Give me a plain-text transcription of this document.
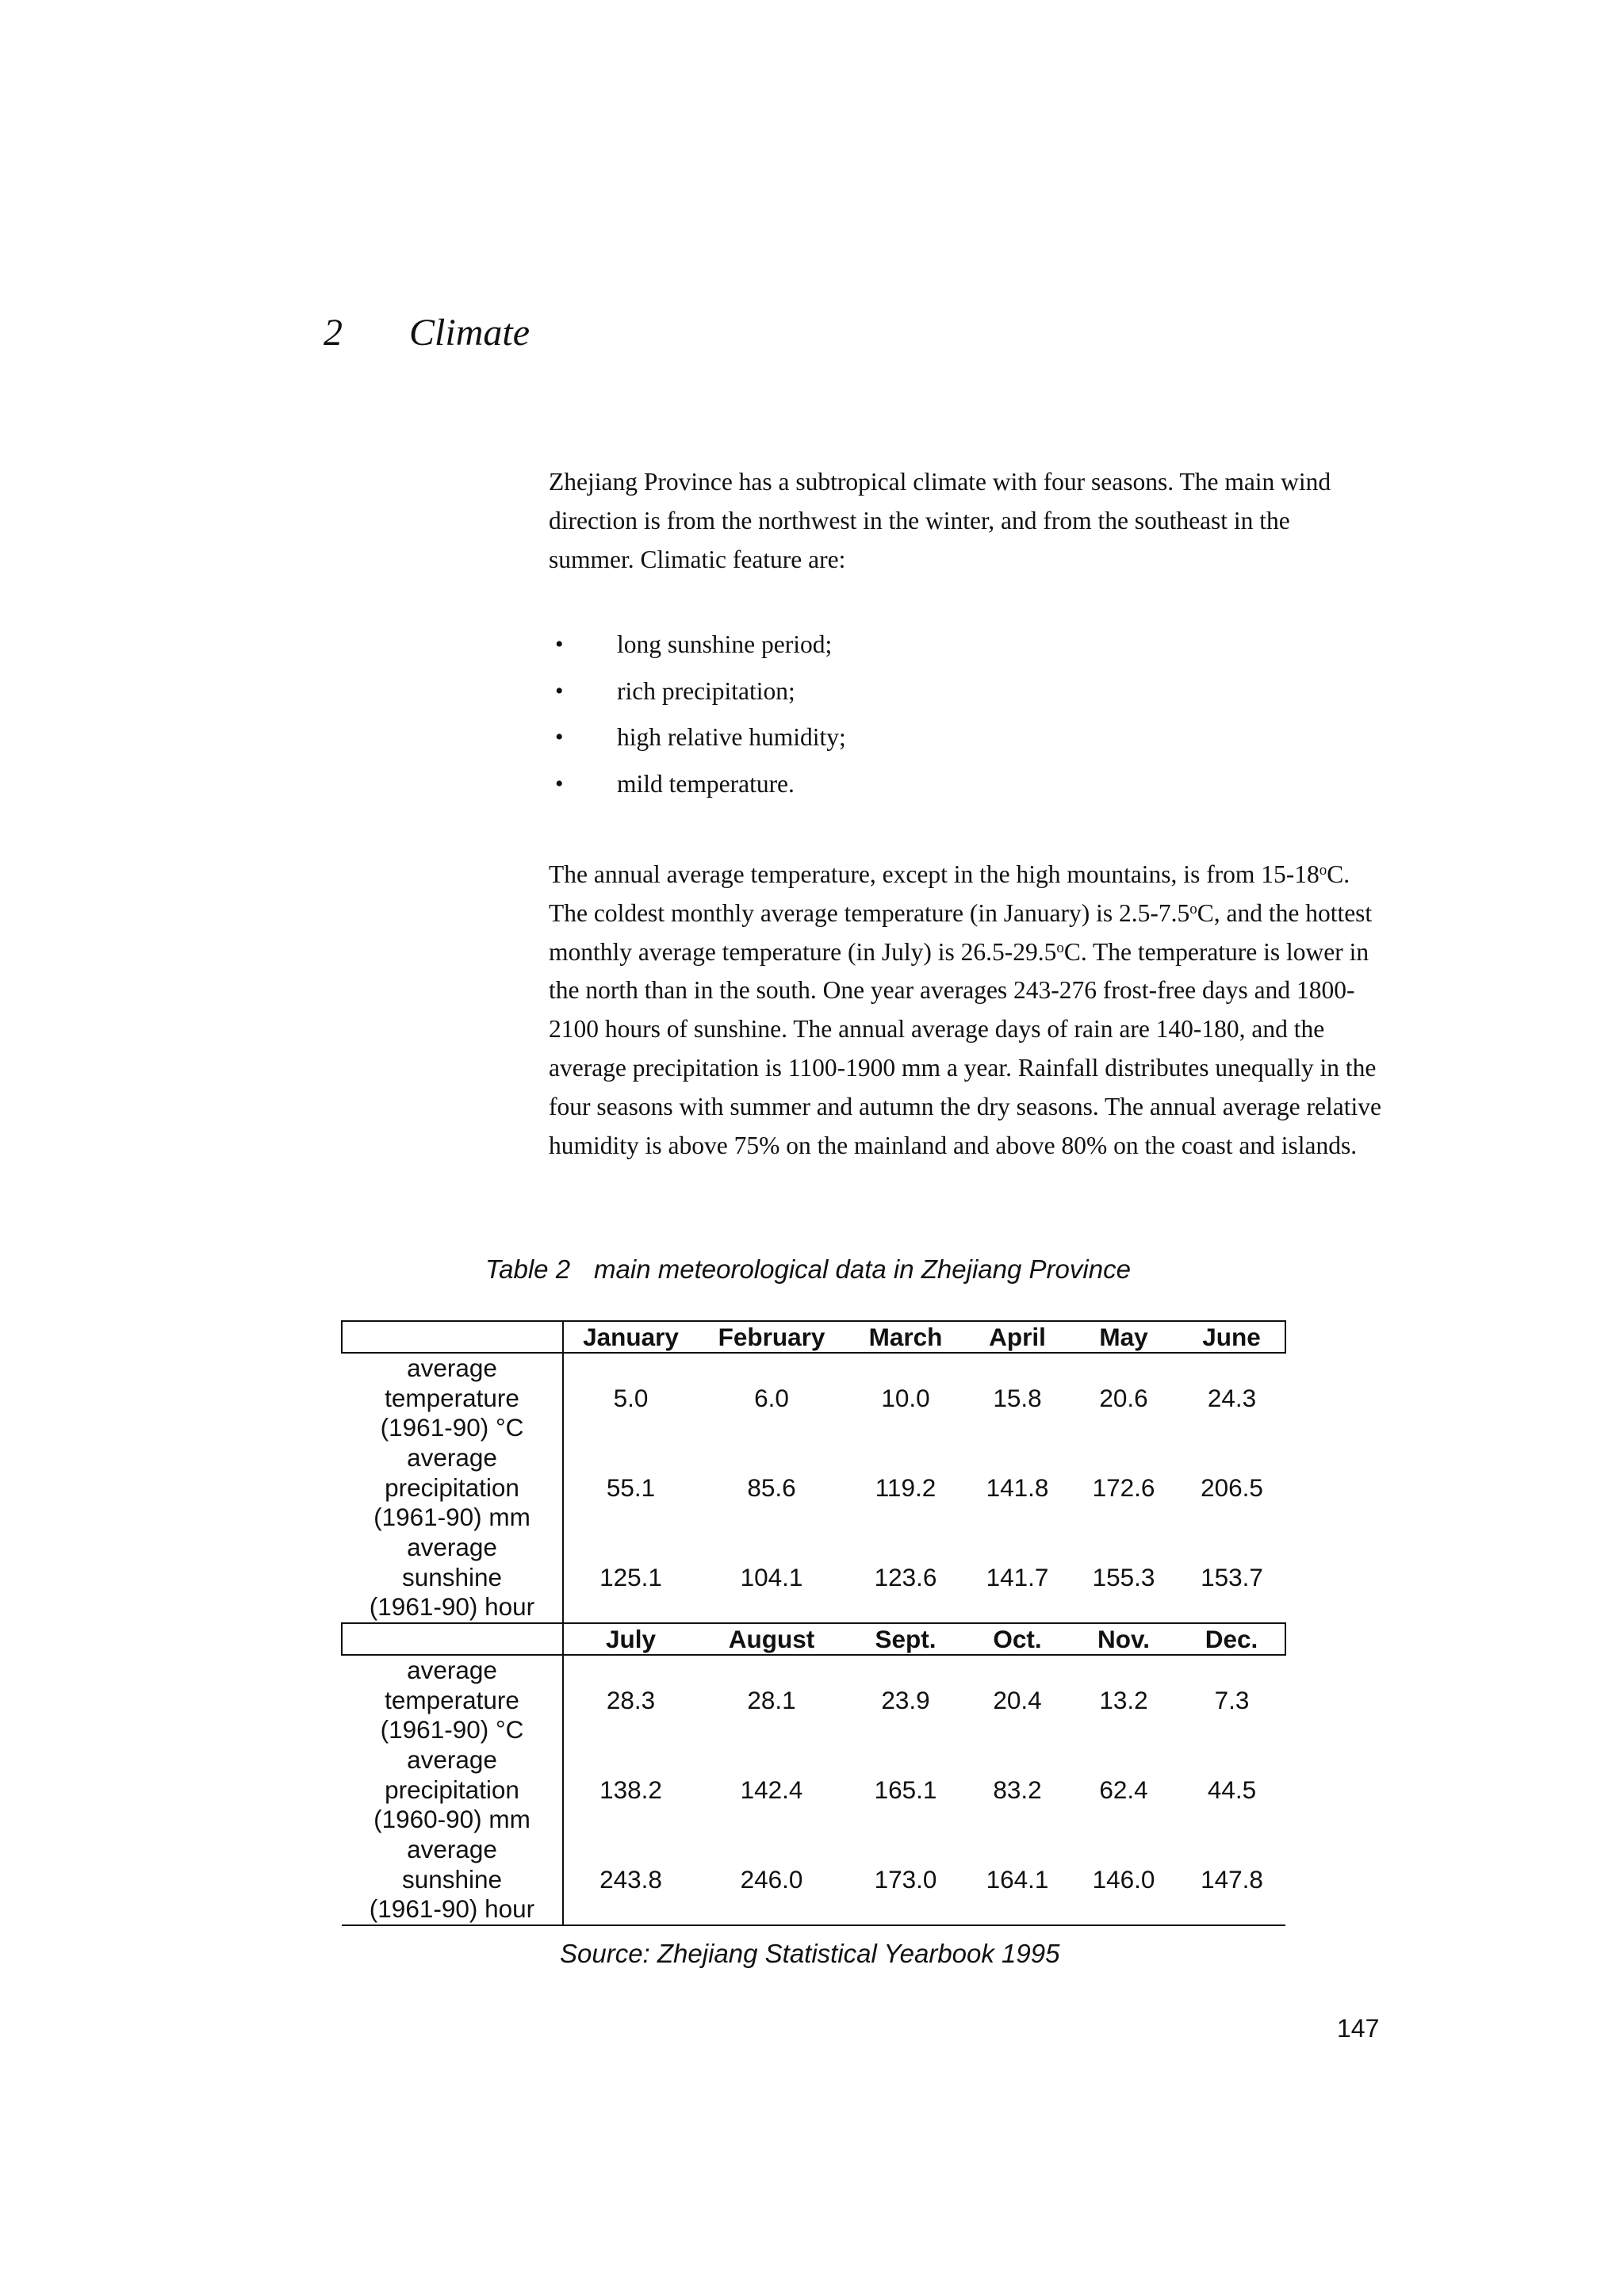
2 Climate

Zhejiang Province has a subtropical climate with four seasons. The main wind direction is from the northwest in the winter, and from the southeast in the summer. Climatic feature are:

• long sunshine period;
• rich precipitation;
• high relative humidity;
• mild temperature.

The annual average temperature, except in the high mountains, is from 15-18$^o$C. The coldest monthly average temperature (in January) is 2.5-7.5$^o$C, and the hottest monthly average temperature (in July) is 26.5-29.5$^o$C. The temperature is lower in the north than in the south. One year averages 243-276 frost-free days and 1800-2100 hours of sunshine. The annual average days of rain are 140-180, and the average precipitation is 1100-1900 mm a year. Rainfall distributes unequally in the four seasons with summer and autumn the dry seasons. The annual average relative humidity is above 75% on the mainland and above 80% on the coast and islands.

Table 2 main meteorological data in Zhejiang Province
	January	February	March	April	May	June
average
temperature
(1961-90) °C	5.0	6.0	10.0	15.8	20.6	24.3
average
precipitation
(1961-90) mm	55.1	85.6	119.2	141.8	172.6	206.5
average
sunshine
(1961-90) hour	125.1	104.1	123.6	141.7	155.3	153.7
	July	August	Sept.	Oct.	Nov.	Dec.
average
temperature
(1961-90) °C	28.3	28.1	23.9	20.4	13.2	7.3
average
precipitation
(1960-90) mm	138.2	142.4	165.1	83.2	62.4	44.5
average
sunshine
(1961-90) hour	243.8	246.0	173.0	164.1	146.0	147.8
Source: Zhejiang Statistical Yearbook 1995
147
